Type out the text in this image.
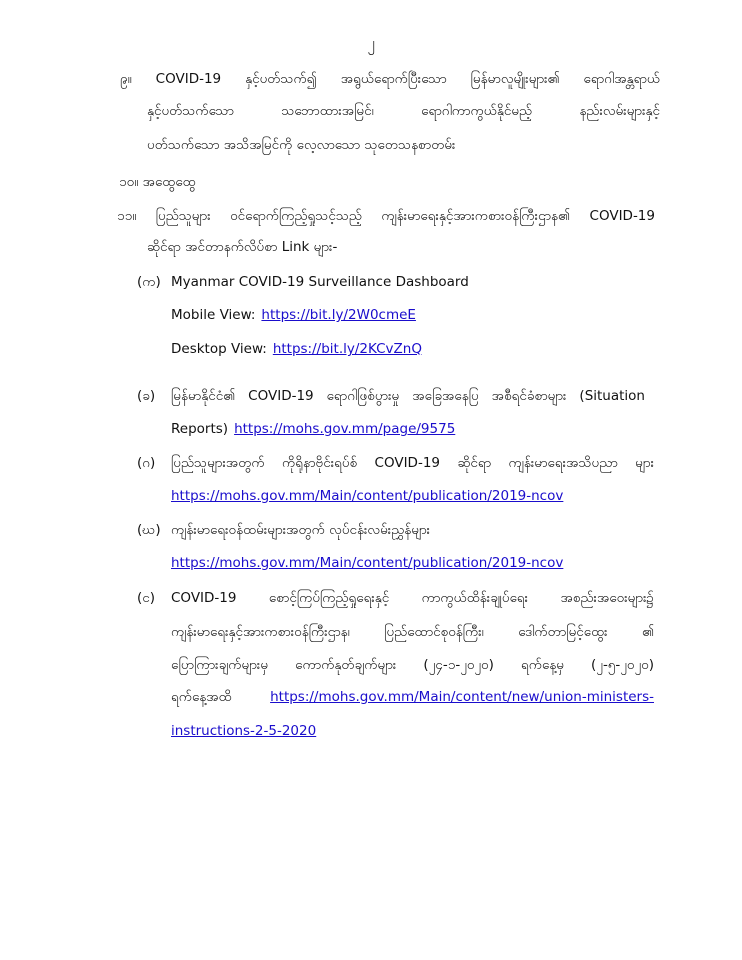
၂
၉။ COVID-19 နှင့်ပတ်သက်၍ အရွယ်ရောက်ပြီးသော မြန်မာလူမျိုးများ၏ ရောဂါအန္တရာယ်
နှင့်ပတ်သက်သော သဘောထားအမြင်၊ ရောဂါကာကွယ်နိုင်မည့် နည်းလမ်းများနှင့်
ပတ်သက်သော အသိအမြင်ကို လေ့လာသော သုတေသနစာတမ်း
၁၀။ အထွေထွေ
၁၁။ ပြည်သူများ ဝင်ရောက်ကြည့်ရှုသင့်သည့် ကျန်းမာရေးနှင့်အားကစားဝန်ကြီးဌာန၏ COVID-19
ဆိုင်ရာ အင်တာနက်လိပ်စာ Link များ-
(က) Myanmar COVID-19 Surveillance Dashboard
Mobile View: https://bit.ly/2W0cmeE
Desktop View: https://bit.ly/2KCvZnQ
(ခ) မြန်မာနိုင်ငံ၏ COVID-19 ရောဂါဖြစ်ပွားမှု အခြေအနေပြ အစီရင်ခံစာများ (Situation
Reports) https://mohs.gov.mm/page/9575
(ဂ) ပြည်သူများအတွက် ကိုရိုနာဗိုင်းရပ်စ် COVID-19 ဆိုင်ရာ ကျန်းမာရေးအသိပညာ များ
https://mohs.gov.mm/Main/content/publication/2019-ncov
(ဃ) ကျန်းမာရေးဝန်ထမ်းများအတွက် လုပ်ငန်းလမ်းညွှန်များ
https://mohs.gov.mm/Main/content/publication/2019-ncov
(င) COVID-19 စောင့်ကြပ်ကြည့်ရှုရေးနှင့် ကာကွယ်ထိန်းချုပ်ရေး အစည်းအဝေးများ၌
ကျန်းမာရေးနှင့်အားကစားဝန်ကြီးဌာန၊ ပြည်ထောင်စုဝန်ကြီး၊ ဒေါက်တာမြင့်ထွေး ၏
ပြောကြားချက်များမှ ကောက်နုတ်ချက်များ (၂၄-၁-၂၀၂၀) ရက်နေ့မှ (၂-၅-၂၀၂၀)
ရက်နေ့အထိ	https://mohs.gov.mm/Main/content/new/union-ministers-
instructions-2-5-2020
